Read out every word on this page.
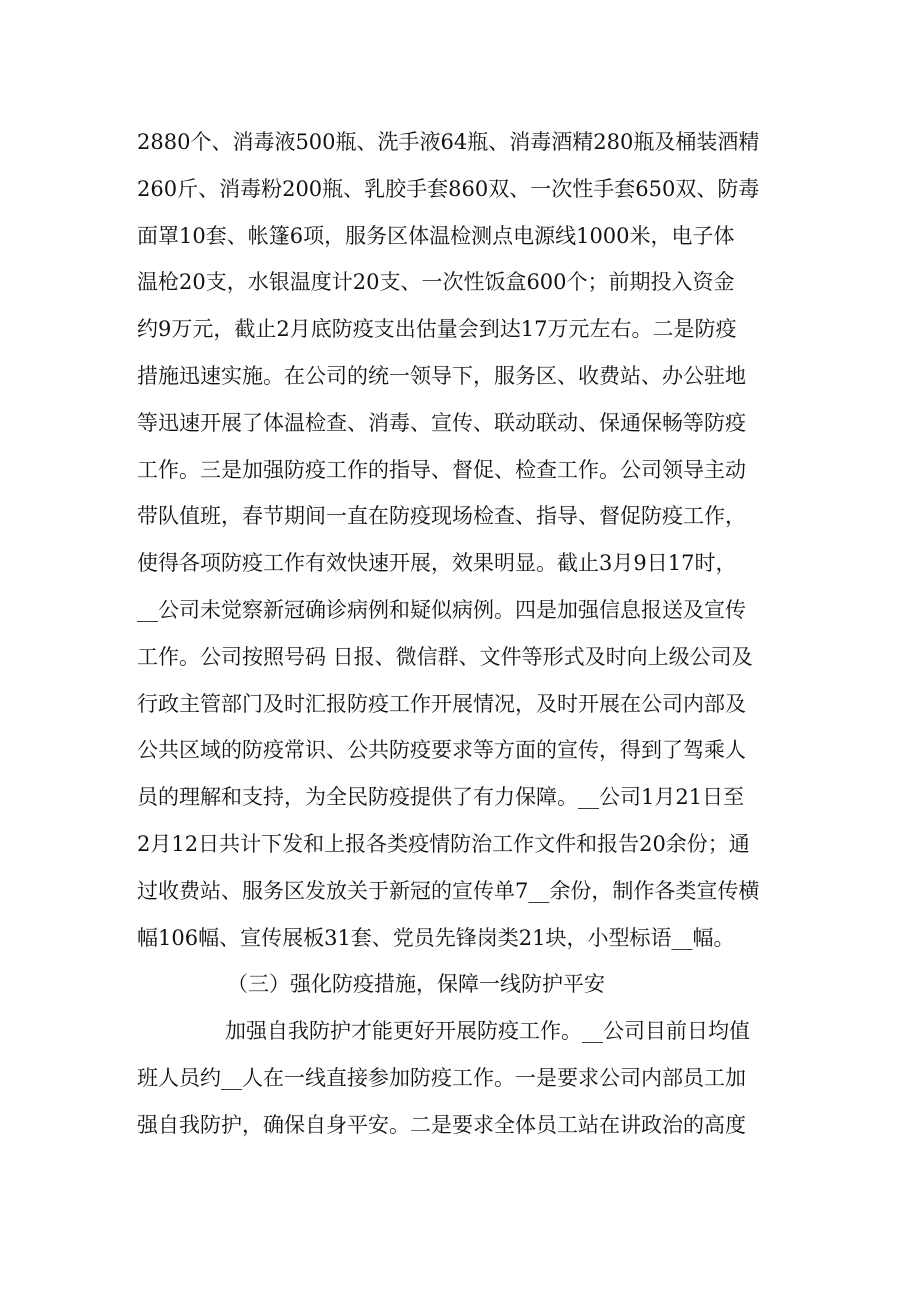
2880个、消毒液500瓶、洗手液64瓶、消毒酒精280瓶及桶装酒精
260斤、消毒粉200瓶、乳胶手套860双、一次性手套650双、防毒
面罩10套、帐篷6项，服务区体温检测点电源线1000米，电子体
温枪20支，水银温度计20支、一次性饭盒600个；前期投入资金
约9万元，截止2月底防疫支出估量会到达17万元左右。二是防疫
措施迅速实施。在公司的统一领导下，服务区、收费站、办公驻地
等迅速开展了体温检查、消毒、宣传、联动联动、保通保畅等防疫
工作。三是加强防疫工作的指导、督促、检查工作。公司领导主动
带队值班，春节期间一直在防疫现场检查、指导、督促防疫工作，
使得各项防疫工作有效快速开展，效果明显。截止3月9日17时，
__公司未觉察新冠确诊病例和疑似病例。四是加强信息报送及宣传
工作。公司按照号码 日报、微信群、文件等形式及时向上级公司及
行政主管部门及时汇报防疫工作开展情况，及时开展在公司内部及
公共区域的防疫常识、公共防疫要求等方面的宣传，得到了驾乘人
员的理解和支持，为全民防疫提供了有力保障。__公司1月21日至
2月12日共计下发和上报各类疫情防治工作文件和报告20余份；通
过收费站、服务区发放关于新冠的宣传单7__余份，制作各类宣传横
幅106幅、宣传展板31套、党员先锋岗类21块，小型标语__幅。
（三）强化防疫措施，保障一线防护平安
加强自我防护才能更好开展防疫工作。__公司目前日均值
班人员约__人在一线直接参加防疫工作。一是要求公司内部员工加
强自我防护，确保自身平安。二是要求全体员工站在讲政治的高度
